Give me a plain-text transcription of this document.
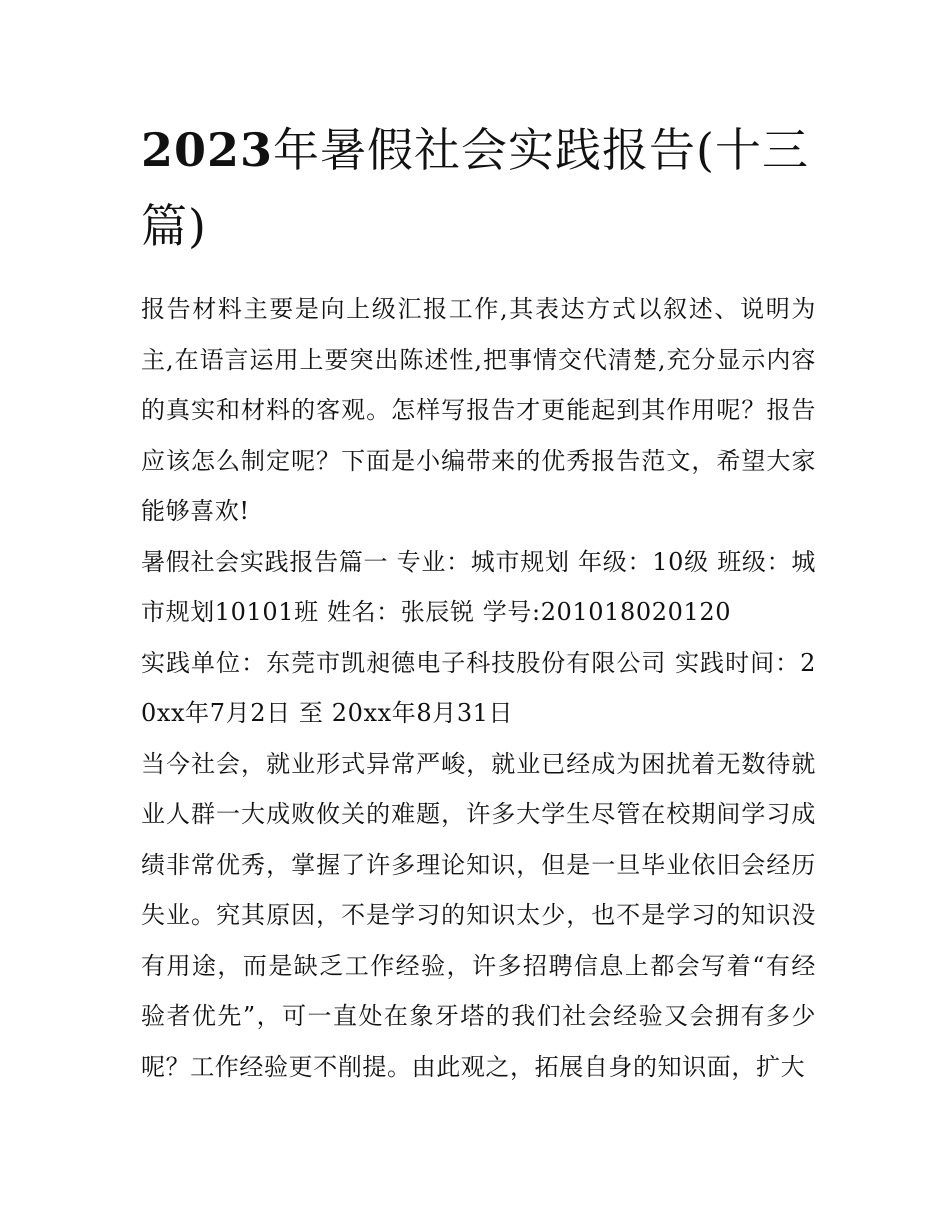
2023年暑假社会实践报告(十三篇)

报告材料主要是向上级汇报工作,其表达方式以叙述、说明为主,在语言运用上要突出陈述性,把事情交代清楚,充分显示内容的真实和材料的客观。怎样写报告才更能起到其作用呢？报告应该怎么制定呢？下面是小编带来的优秀报告范文，希望大家能够喜欢!

暑假社会实践报告篇一 专业：城市规划 年级：10级 班级：城市规划10101班 姓名：张辰锐 学号:201018020120

实践单位：东莞市凯昶德电子科技股份有限公司 实践时间：20xx年7月2日 至 20xx年8月31日

当今社会，就业形式异常严峻，就业已经成为困扰着无数待就业人群一大成败攸关的难题，许多大学生尽管在校期间学习成绩非常优秀，掌握了许多理论知识，但是一旦毕业依旧会经历失业。究其原因，不是学习的知识太少，也不是学习的知识没有用途，而是缺乏工作经验，许多招聘信息上都会写着“有经验者优先”，可一直处在象牙塔的我们社会经验又会拥有多少呢？工作经验更不削提。由此观之，拓展自身的知识面，扩大
